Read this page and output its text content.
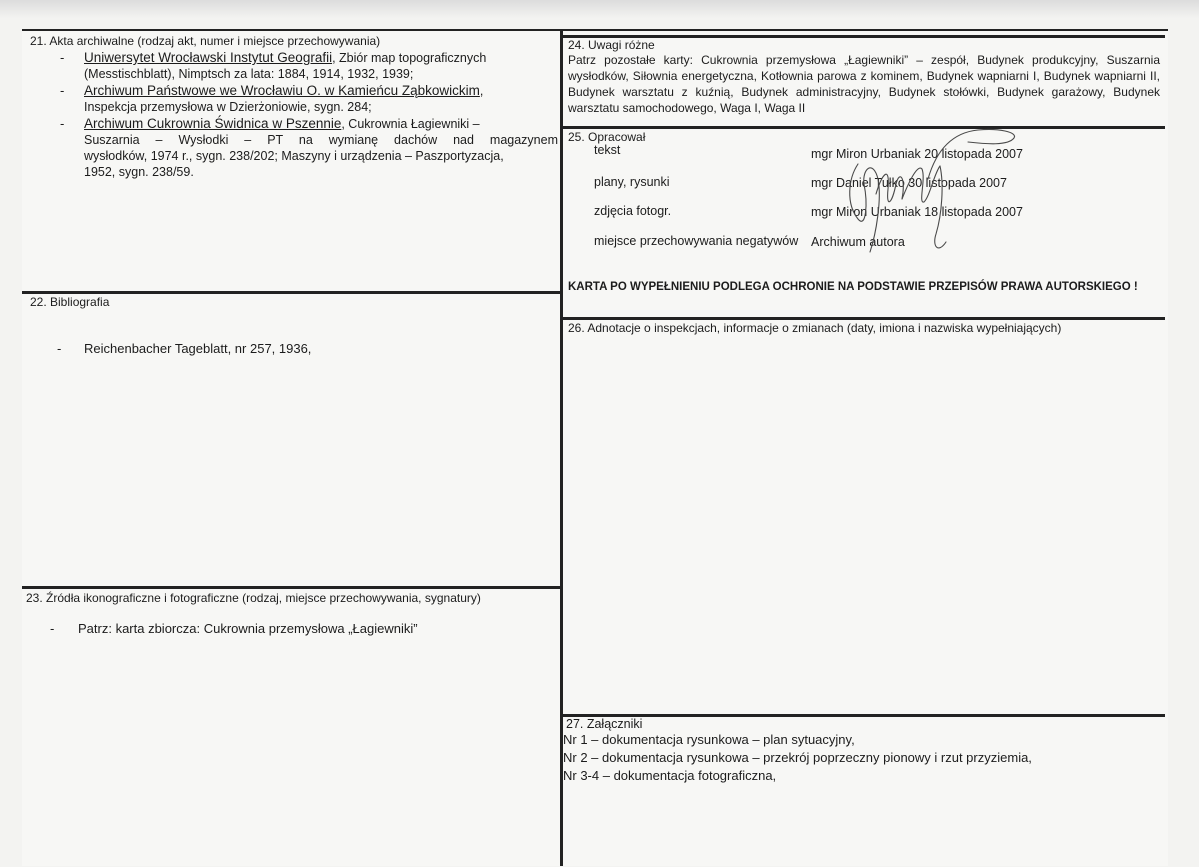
21. Akta archiwalne (rodzaj akt, numer i miejsce przechowywania)
- Uniwersytet Wrocławski Instytut Geografii, Zbiór map topograficznych
(Messtischblatt), Nimptsch za lata: 1884, 1914, 1932, 1939;
- Archiwum Państwowe we Wrocławiu O. w Kamieńcu Ząbkowickim,
Inspekcja przemysłowa w Dzierżoniowie, sygn. 284;
- Archiwum Cukrownia Świdnica w Pszennie, Cukrownia Łagiewniki –
Suszarnia – Wysłodki – PT na wymianę dachów nad magazynem
wysłodków, 1974 r., sygn. 238/202; Maszyny i urządzenia – Paszportyzacja,
1952, sygn. 238/59.
22. Bibliografia
- Reichenbacher Tageblatt, nr 257, 1936,
23. Źródła ikonograficzne i fotograficzne (rodzaj, miejsce przechowywania, sygnatury)
- Patrz: karta zbiorcza: Cukrownia przemysłowa „Łagiewniki”
24. Uwagi różne
Patrz pozostałe karty: Cukrownia przemysłowa „Łagiewniki” – zespół, Budynek produkcyjny, Suszarnia wysłodków, Siłownia energetyczna, Kotłownia parowa z kominem, Budynek wapniarni I, Budynek wapniarni II, Budynek warsztatu z kuźnią, Budynek administracyjny, Budynek stołówki, Budynek garażowy, Budynek warsztatu samochodowego, Waga I, Waga II
25. Opracował
tekst	mgr Miron Urbaniak 20 listopada 2007
plany, rysunki	mgr Daniel Tułko 30 listopada 2007
zdjęcia fotogr.	mgr Miron Urbaniak 18 listopada 2007
miejsce przechowywania negatywów Archiwum autora
KARTA PO WYPEŁNIENIU PODLEGA OCHRONIE NA PODSTAWIE PRZEPISÓW PRAWA AUTORSKIEGO !
26. Adnotacje o inspekcjach, informacje o zmianach (daty, imiona i nazwiska wypełniających)
27. Załączniki
Nr 1 – dokumentacja rysunkowa – plan sytuacyjny,
Nr 2 – dokumentacja rysunkowa – przekrój poprzeczny pionowy i rzut przyziemia,
Nr 3-4 – dokumentacja fotograficzna,
